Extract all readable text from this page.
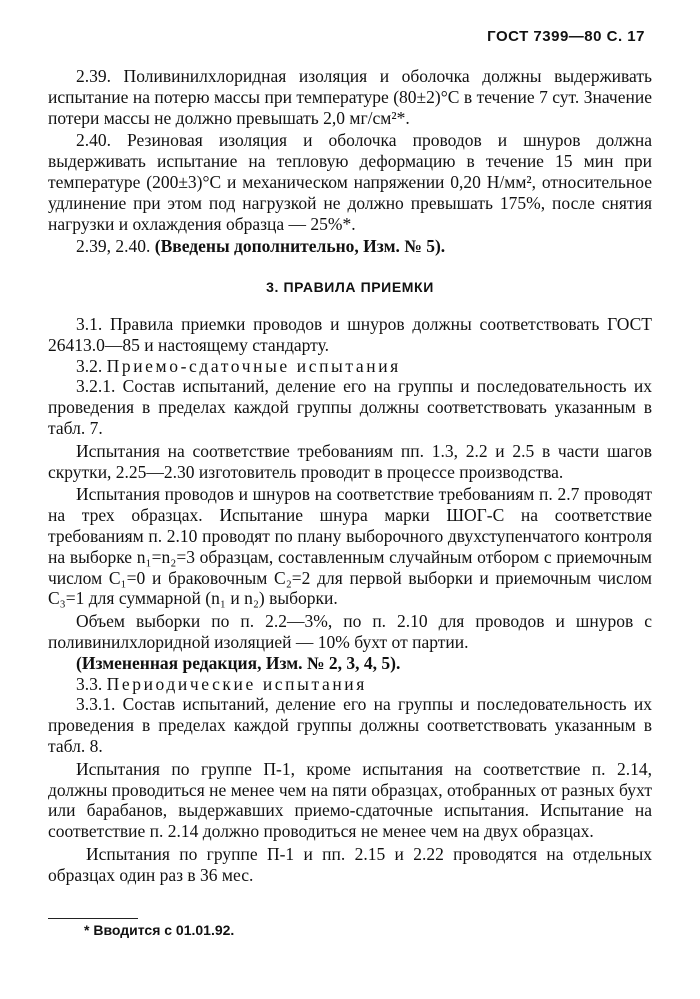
ГОСТ 7399—80 С. 17

2.39. Поливинилхлоридная изоляция и оболочка должны выдерживать испытание на потерю массы при температуре (80±2)°С в течение 7 сут. Значение потери массы не должно превышать 2,0 мг/см²*.

2.40. Резиновая изоляция и оболочка проводов и шнуров должна выдерживать испытание на тепловую деформацию в течение 15 мин при температуре (200±3)°С и механическом напряжении 0,20 Н/мм², относительное удлинение при этом под нагрузкой не должно превышать 175%, после снятия нагрузки и охлаждения образца — 25%*.

2.39, 2.40. (Введены дополнительно, Изм. № 5).

3. ПРАВИЛА ПРИЕМКИ

3.1. Правила приемки проводов и шнуров должны соответствовать ГОСТ 26413.0—85 и настоящему стандарту.

3.2. Приемо-сдаточные испытания

3.2.1. Состав испытаний, деление его на группы и последовательность их проведения в пределах каждой группы должны соответствовать указанным в табл. 7.

Испытания на соответствие требованиям пп. 1.3, 2.2 и 2.5 в части шагов скрутки, 2.25—2.30 изготовитель проводит в процессе производства.

Испытания проводов и шнуров на соответствие требованиям п. 2.7 проводят на трех образцах. Испытание шнура марки ШОГ-С на соответствие требованиям п. 2.10 проводят по плану выборочного двухступенчатого контроля на выборке n₁=n₂=3 образцам, составленным случайным отбором с приемочным числом C₁=0 и браковочным C₂=2 для первой выборки и приемочным числом C₃=1 для суммарной (n₁ и n₂) выборки.

Объем выборки по п. 2.2—3%, по п. 2.10 для проводов и шнуров с поливинилхлоридной изоляцией — 10% бухт от партии.

(Измененная редакция, Изм. № 2, 3, 4, 5).

3.3. Периодические испытания

3.3.1. Состав испытаний, деление его на группы и последовательность их проведения в пределах каждой группы должны соответствовать указанным в табл. 8.

Испытания по группе П-1, кроме испытания на соответствие п. 2.14, должны проводиться не менее чем на пяти образцах, отобранных от разных бухт или барабанов, выдержавших приемо-сдаточные испытания. Испытание на соответствие п. 2.14 должно проводиться не менее чем на двух образцах.

Испытания по группе П-1 и пп. 2.15 и 2.22 проводятся на отдельных образцах один раз в 36 мес.

* Вводится с 01.01.92.
